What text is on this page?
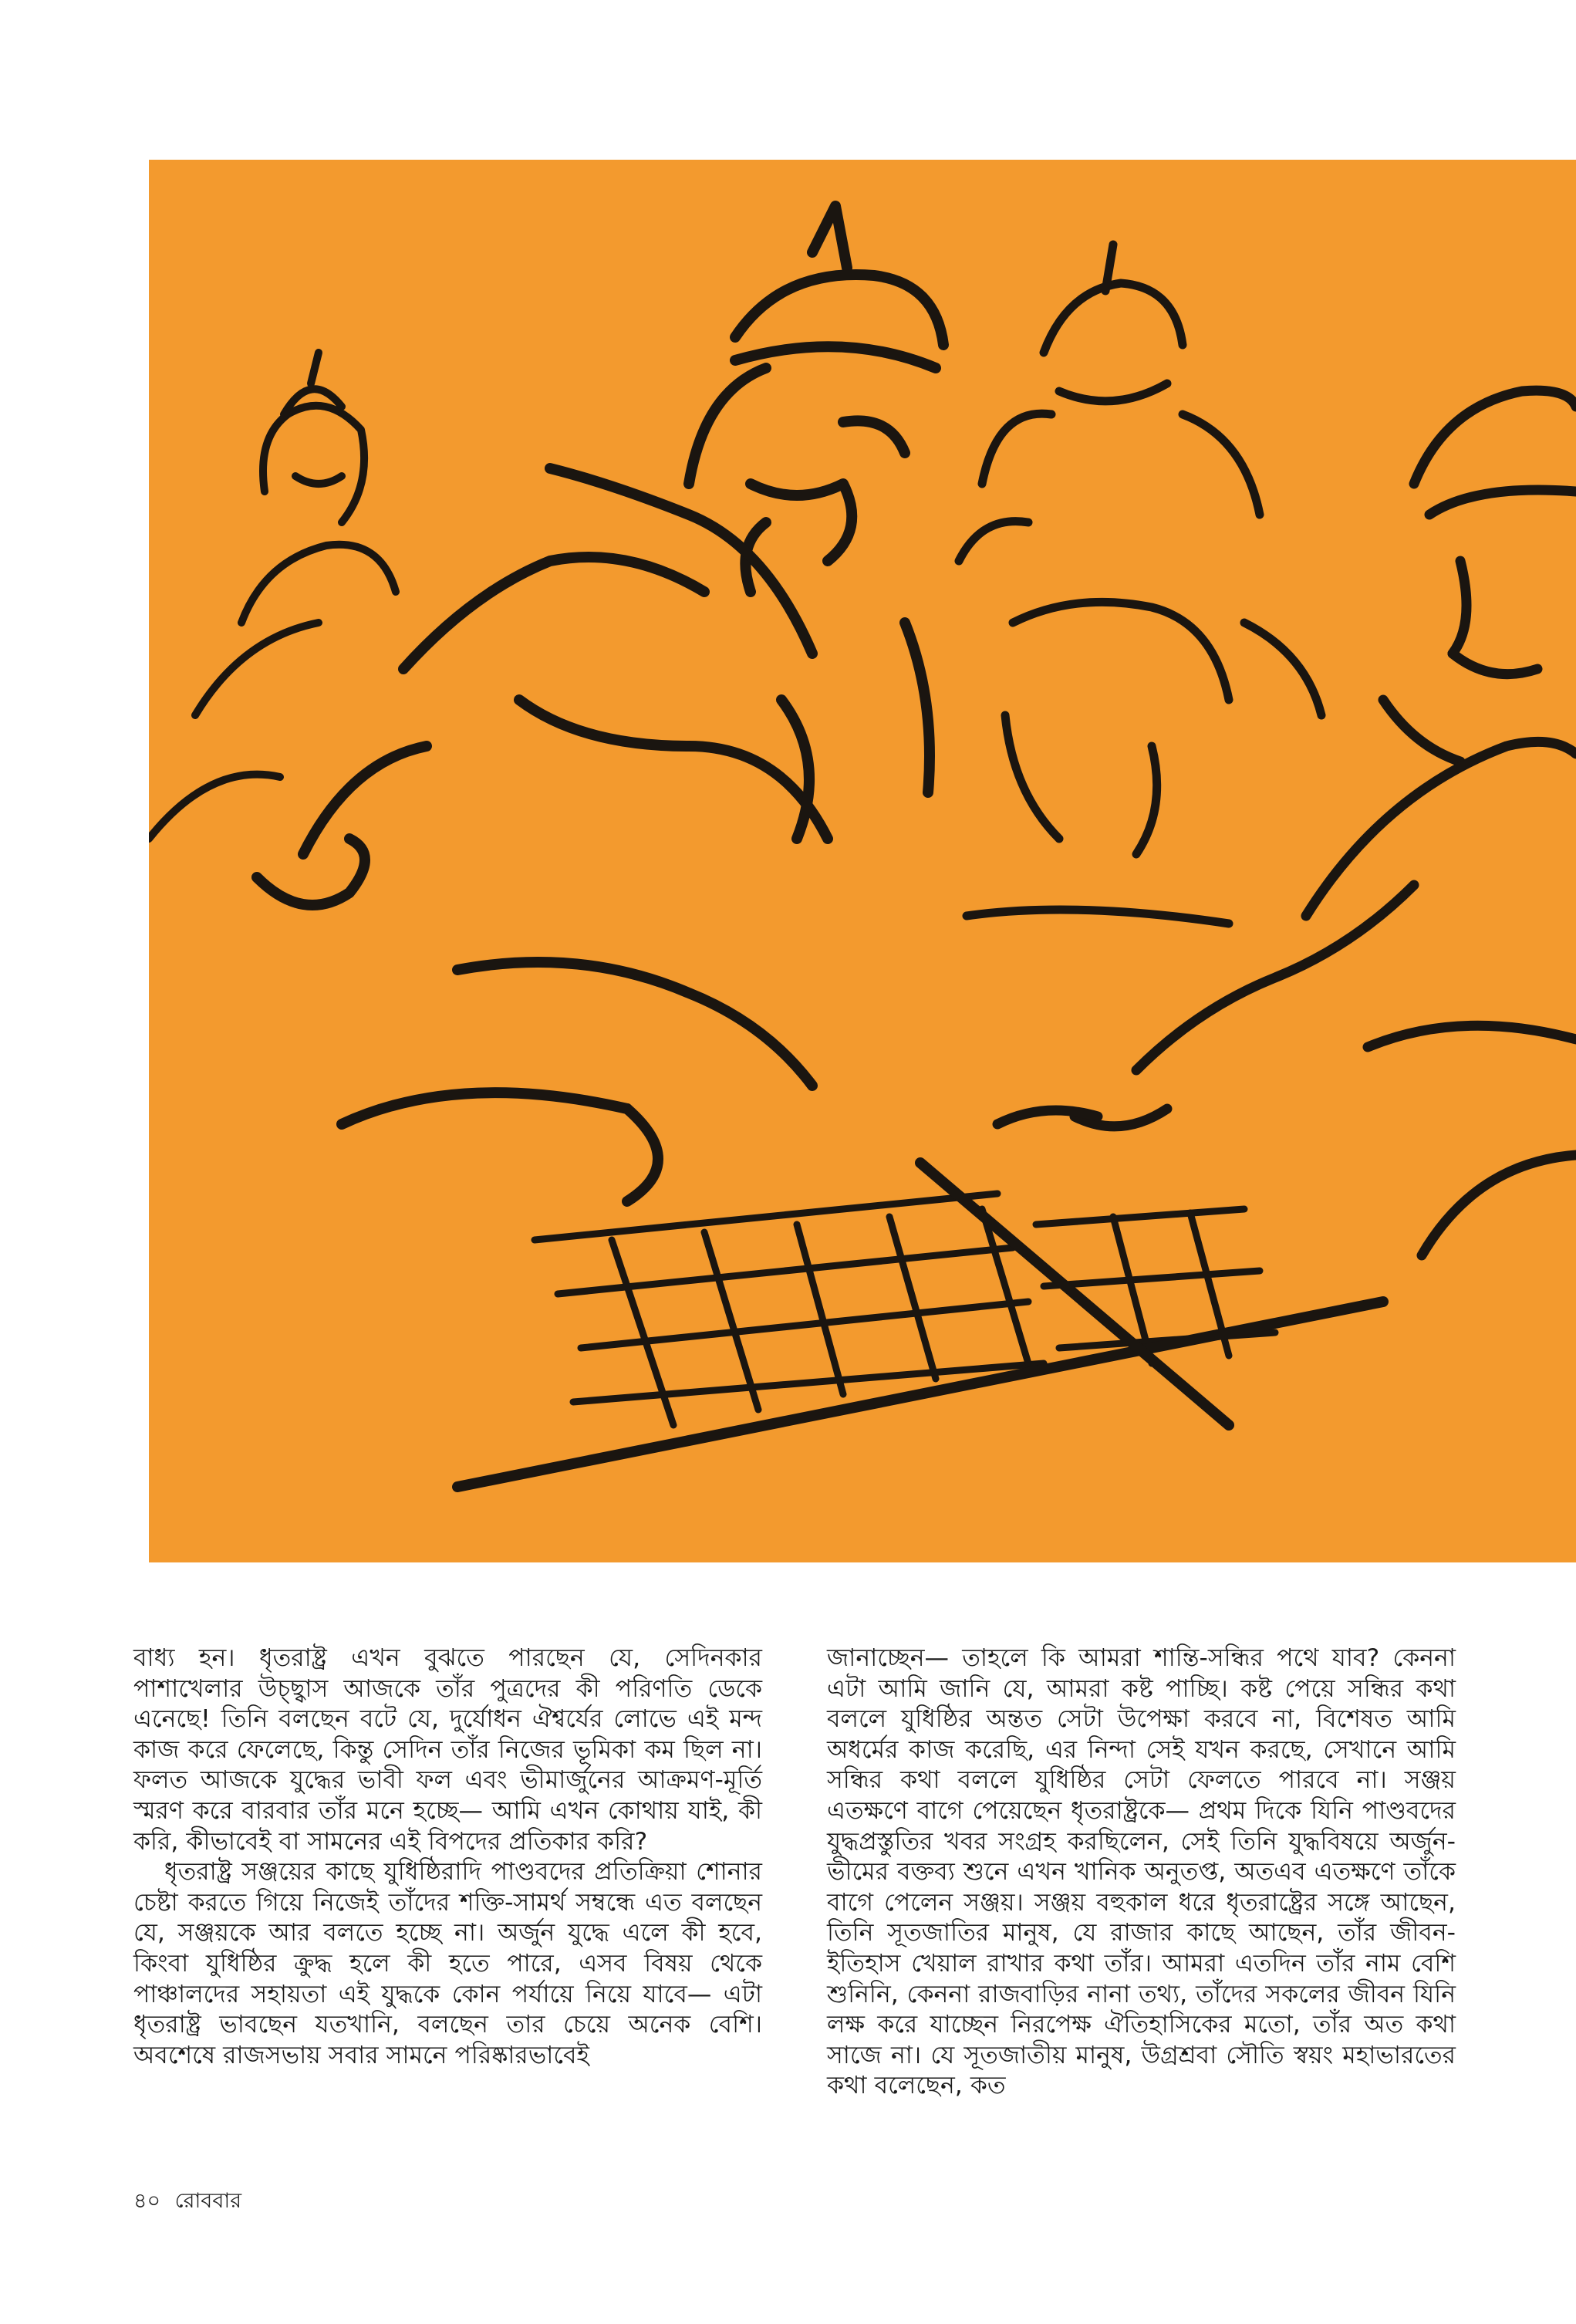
বাধ্য হন। ধৃতরাষ্ট্র এখন বুঝতে পারছেন যে, সেদিনকার পাশাখেলার উচ্ছ্বাস আজকে তাঁর পুত্রদের কী পরিণতি ডেকে এনেছে! তিনি বলছেন বটে যে, দুর্যোধন ঐশ্বর্যের লোভে এই মন্দ কাজ করে ফেলেছে, কিন্তু সেদিন তাঁর নিজের ভূমিকা কম ছিল না। ফলত আজকে যুদ্ধের ভাবী ফল এবং ভীমার্জুনের আক্রমণ-মূর্তি স্মরণ করে বারবার তাঁর মনে হচ্ছে— আমি এখন কোথায় যাই, কী করি, কীভাবেই বা সামনের এই বিপদের প্রতিকার করি?

ধৃতরাষ্ট্র সঞ্জয়ের কাছে যুধিষ্ঠিরাদি পাণ্ডবদের প্রতিক্রিয়া শোনার চেষ্টা করতে গিয়ে নিজেই তাঁদের শক্তি-সামর্থ সম্বন্ধে এত বলছেন যে, সঞ্জয়কে আর বলতে হচ্ছে না। অর্জুন যুদ্ধে এলে কী হবে, কিংবা যুধিষ্ঠির ক্রুদ্ধ হলে কী হতে পারে, এসব বিষয় থেকে পাঞ্চালদের সহায়তা এই যুদ্ধকে কোন পর্যায়ে নিয়ে যাবে— এটা ধৃতরাষ্ট্র ভাবছেন যতখানি, বলছেন তার চেয়ে অনেক বেশি। অবশেষে রাজসভায় সবার সামনে পরিষ্কারভাবেই

জানাচ্ছেন— তাহলে কি আমরা শান্তি-সন্ধির পথে যাব? কেননা এটা আমি জানি যে, আমরা কষ্ট পাচ্ছি। কষ্ট পেয়ে সন্ধির কথা বললে যুধিষ্ঠির অন্তত সেটা উপেক্ষা করবে না, বিশেষত আমি অধর্মের কাজ করেছি, এর নিন্দা সেই যখন করছে, সেখানে আমি সন্ধির কথা বললে যুধিষ্ঠির সেটা ফেলতে পারবে না। সঞ্জয় এতক্ষণে বাগে পেয়েছেন ধৃতরাষ্ট্রকে— প্রথম দিকে যিনি পাণ্ডবদের যুদ্ধপ্রস্তুতির খবর সংগ্রহ করছিলেন, সেই তিনি যুদ্ধবিষয়ে অর্জুন-ভীমের বক্তব্য শুনে এখন খানিক অনুতপ্ত, অতএব এতক্ষণে তাঁকে বাগে পেলেন সঞ্জয়। সঞ্জয় বহুকাল ধরে ধৃতরাষ্ট্রের সঙ্গে আছেন, তিনি সূতজাতির মানুষ, যে রাজার কাছে আছেন, তাঁর জীবন-ইতিহাস খেয়াল রাখার কথা তাঁর। আমরা এতদিন তাঁর নাম বেশি শুনিনি, কেননা রাজবাড়ির নানা তথ্য, তাঁদের সকলের জীবন যিনি লক্ষ করে যাচ্ছেন নিরপেক্ষ ঐতিহাসিকের মতো, তাঁর অত কথা সাজে না। যে সূতজাতীয় মানুষ, উগ্রশ্রবা সৌতি স্বয়ং মহাভারতের কথা বলেছেন, কত

৪০ রোববার
